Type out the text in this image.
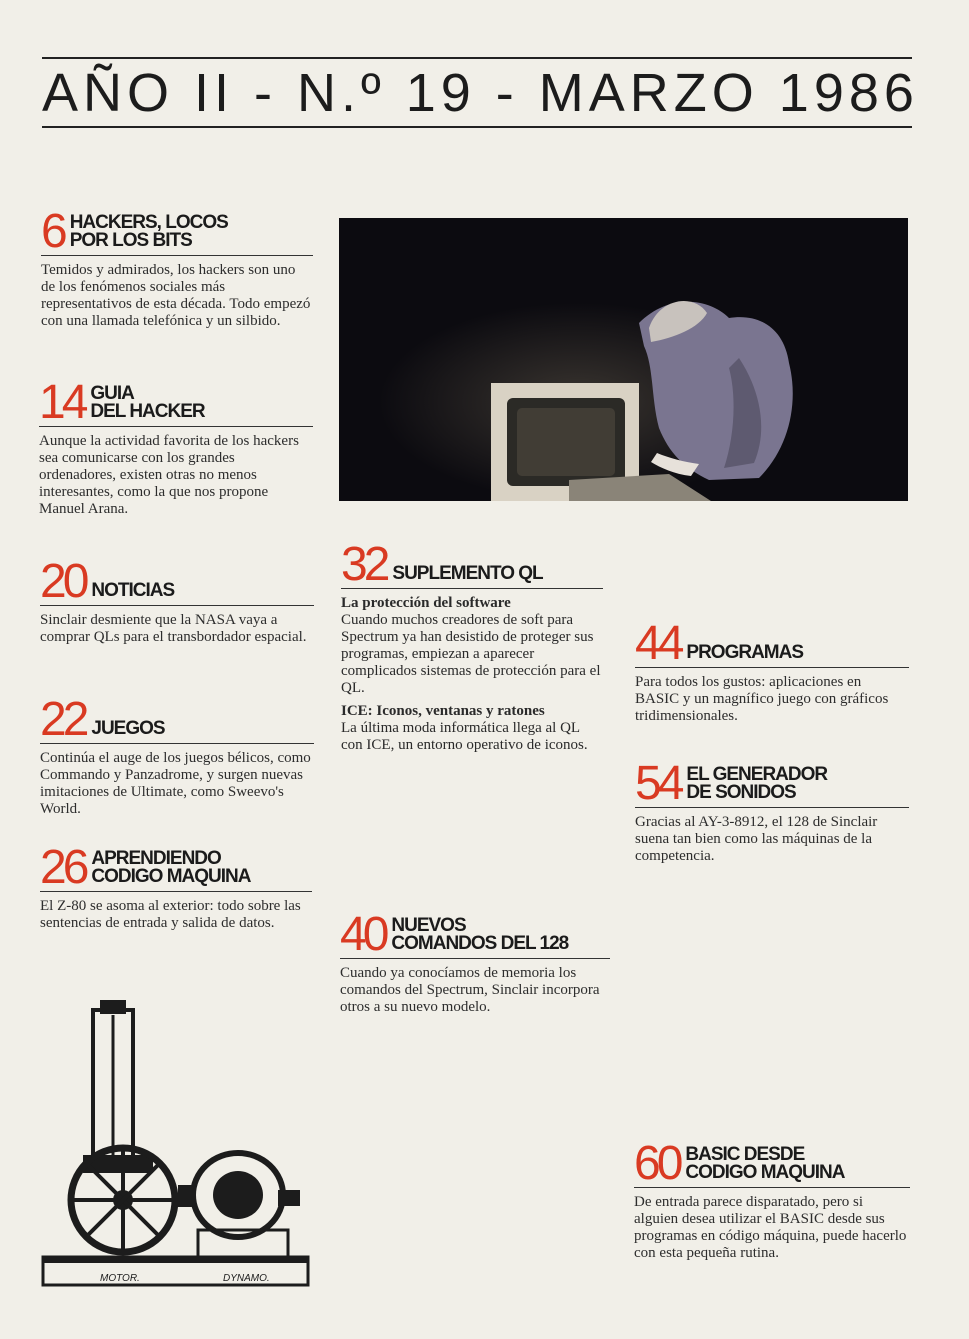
AÑO II - N.º 19 - MARZO 1986
6 HACKERS, LOCOS
POR LOS BITS
Temidos y admirados, los hackers son uno de los fenómenos sociales más representativos de esta década. Todo empezó con una llamada telefónica y un silbido.
14 GUIA
DEL HACKER
Aunque la actividad favorita de los hackers sea comunicarse con los grandes ordenadores, existen otras no menos interesantes, como la que nos propone Manuel Arana.
20 NOTICIAS
Sinclair desmiente que la NASA vaya a comprar QLs para el transbordador espacial.
22 JUEGOS
Continúa el auge de los juegos bélicos, como Commando y Panzadrome, y surgen nuevas imitaciones de Ultimate, como Sweevo's World.
26 APRENDIENDO
CODIGO MAQUINA
El Z-80 se asoma al exterior: todo sobre las sentencias de entrada y salida de datos.
32 SUPLEMENTO QL
La protección del software
Cuando muchos creadores de soft para Spectrum ya han desistido de proteger sus programas, empiezan a aparecer complicados sistemas de protección para el QL.
ICE: Iconos, ventanas y ratones
La última moda informática llega al QL con ICE, un entorno operativo de iconos.
40 NUEVOS
COMANDOS DEL 128
Cuando ya conocíamos de memoria los comandos del Spectrum, Sinclair incorpora otros a su nuevo modelo.
44 PROGRAMAS
Para todos los gustos: aplicaciones en BASIC y un magnífico juego con gráficos tridimensionales.
54 EL GENERADOR
DE SONIDOS
Gracias al AY-3-8912, el 128 de Sinclair suena tan bien como las máquinas de la competencia.
60 BASIC DESDE
CODIGO MAQUINA
De entrada parece disparatado, pero si alguien desea utilizar el BASIC desde sus programas en código máquina, puede hacerlo con esta pequeña rutina.
MOTOR.	DYNAMO.
